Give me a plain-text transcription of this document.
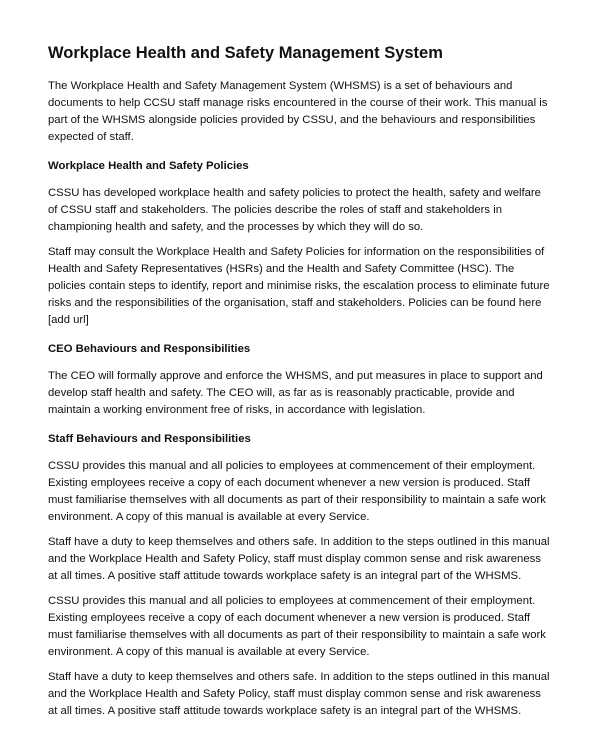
Workplace Health and Safety Management System

The Workplace Health and Safety Management System (WHSMS) is a set of behaviours and documents to help CCSU staff manage risks encountered in the course of their work. This manual is part of the WHSMS alongside policies provided by CSSU, and the behaviours and responsibilities expected of staff.

Workplace Health and Safety Policies

CSSU has developed workplace health and safety policies to protect the health, safety and welfare of CSSU staff and stakeholders. The policies describe the roles of staff and stakeholders in championing health and safety, and the processes by which they will do so.

Staff may consult the Workplace Health and Safety Policies for information on the responsibilities of Health and Safety Representatives (HSRs) and the Health and Safety Committee (HSC). The policies contain steps to identify, report and minimise risks, the escalation process to eliminate future risks and the responsibilities of the organisation, staff and stakeholders. Policies can be found here [add url]

CEO Behaviours and Responsibilities

The CEO will formally approve and enforce the WHSMS, and put measures in place to support and develop staff health and safety. The CEO will, as far as is reasonably practicable, provide and maintain a working environment free of risks, in accordance with legislation.

Staff Behaviours and Responsibilities

CSSU provides this manual and all policies to employees at commencement of their employment. Existing employees receive a copy of each document whenever a new version is produced. Staff must familiarise themselves with all documents as part of their responsibility to maintain a safe work environment. A copy of this manual is available at every Service.

Staff have a duty to keep themselves and others safe. In addition to the steps outlined in this manual and the Workplace Health and Safety Policy, staff must display common sense and risk awareness at all times. A positive staff attitude towards workplace safety is an integral part of the WHSMS.

CSSU provides this manual and all policies to employees at commencement of their employment. Existing employees receive a copy of each document whenever a new version is produced. Staff must familiarise themselves with all documents as part of their responsibility to maintain a safe work environment. A copy of this manual is available at every Service.

Staff have a duty to keep themselves and others safe. In addition to the steps outlined in this manual and the Workplace Health and Safety Policy, staff must display common sense and risk awareness at all times. A positive staff attitude towards workplace safety is an integral part of the WHSMS.
